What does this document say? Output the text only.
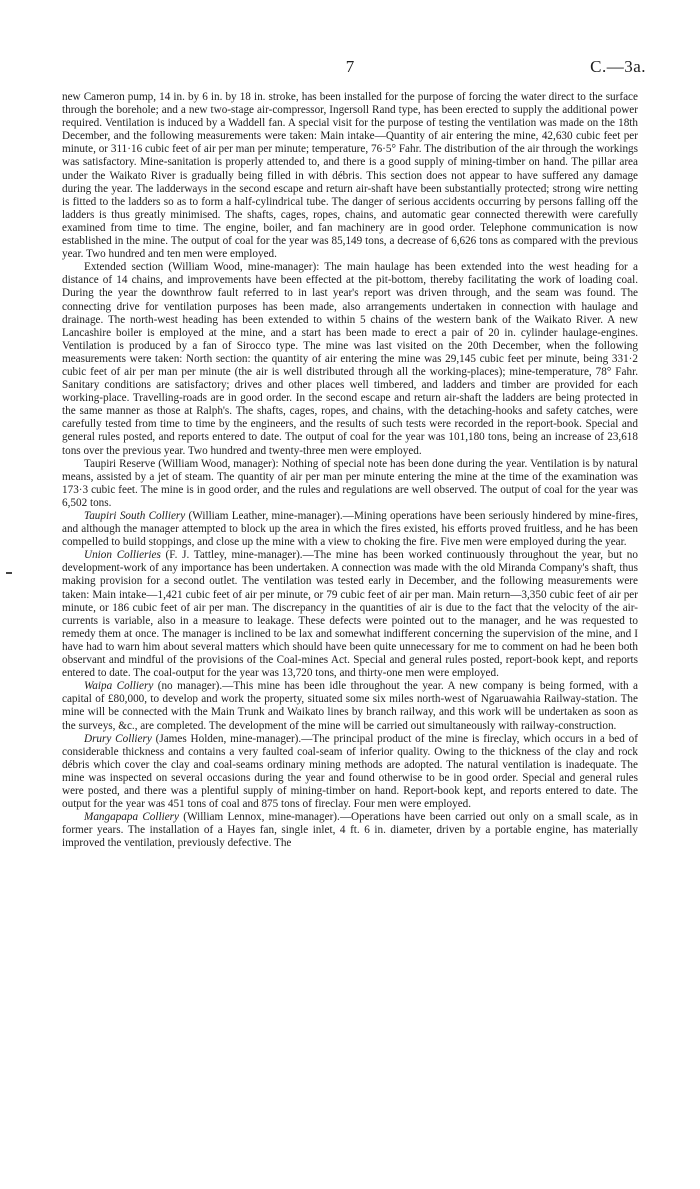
7	C.—3a.

new Cameron pump, 14 in. by 6 in. by 18 in. stroke, has been installed for the purpose of forcing the water direct to the surface through the borehole; and a new two-stage air-compressor, Ingersoll Rand type, has been erected to supply the additional power required. Ventilation is induced by a Waddell fan. A special visit for the purpose of testing the ventilation was made on the 18th December, and the following measurements were taken: Main intake—Quantity of air entering the mine, 42,630 cubic feet per minute, or 311·16 cubic feet of air per man per minute; temperature, 76·5° Fahr. The distribution of the air through the workings was satisfactory. Mine-sanitation is properly attended to, and there is a good supply of mining-timber on hand. The pillar area under the Waikato River is gradually being filled in with débris. This section does not appear to have suffered any damage during the year. The ladderways in the second escape and return air-shaft have been substantially protected; strong wire netting is fitted to the ladders so as to form a half-cylindrical tube. The danger of serious accidents occurring by persons falling off the ladders is thus greatly minimised. The shafts, cages, ropes, chains, and automatic gear connected therewith were carefully examined from time to time. The engine, boiler, and fan machinery are in good order. Telephone communication is now established in the mine. The output of coal for the year was 85,149 tons, a decrease of 6,626 tons as compared with the previous year. Two hundred and ten men were employed.

Extended section (William Wood, mine-manager): The main haulage has been extended into the west heading for a distance of 14 chains, and improvements have been effected at the pit-bottom, thereby facilitating the work of loading coal. During the year the downthrow fault referred to in last year's report was driven through, and the seam was found. The connecting drive for ventilation purposes has been made, also arrangements undertaken in connection with haulage and drainage. The north-west heading has been extended to within 5 chains of the western bank of the Waikato River. A new Lancashire boiler is employed at the mine, and a start has been made to erect a pair of 20 in. cylinder haulage-engines. Ventilation is produced by a fan of Sirocco type. The mine was last visited on the 20th December, when the following measurements were taken: North section: the quantity of air entering the mine was 29,145 cubic feet per minute, being 331·2 cubic feet of air per man per minute (the air is well distributed through all the working-places); mine-temperature, 78° Fahr. Sanitary conditions are satisfactory; drives and other places well timbered, and ladders and timber are provided for each working-place. Travelling-roads are in good order. In the second escape and return air-shaft the ladders are being protected in the same manner as those at Ralph's. The shafts, cages, ropes, and chains, with the detaching-hooks and safety catches, were carefully tested from time to time by the engineers, and the results of such tests were recorded in the report-book. Special and general rules posted, and reports entered to date. The output of coal for the year was 101,180 tons, being an increase of 23,618 tons over the previous year. Two hundred and twenty-three men were employed.

Taupiri Reserve (William Wood, manager): Nothing of special note has been done during the year. Ventilation is by natural means, assisted by a jet of steam. The quantity of air per man per minute entering the mine at the time of the examination was 173·3 cubic feet. The mine is in good order, and the rules and regulations are well observed. The output of coal for the year was 6,502 tons.

Taupiri South Colliery (William Leather, mine-manager).—Mining operations have been seriously hindered by mine-fires, and although the manager attempted to block up the area in which the fires existed, his efforts proved fruitless, and he has been compelled to build stoppings, and close up the mine with a view to choking the fire. Five men were employed during the year.

Union Collieries (F. J. Tattley, mine-manager).—The mine has been worked continuously throughout the year, but no development-work of any importance has been undertaken. A connection was made with the old Miranda Company's shaft, thus making provision for a second outlet. The ventilation was tested early in December, and the following measurements were taken: Main intake—1,421 cubic feet of air per minute, or 79 cubic feet of air per man. Main return—3,350 cubic feet of air per minute, or 186 cubic feet of air per man. The discrepancy in the quantities of air is due to the fact that the velocity of the air-currents is variable, also in a measure to leakage. These defects were pointed out to the manager, and he was requested to remedy them at once. The manager is inclined to be lax and somewhat indifferent concerning the supervision of the mine, and I have had to warn him about several matters which should have been quite unnecessary for me to comment on had he been both observant and mindful of the provisions of the Coal-mines Act. Special and general rules posted, report-book kept, and reports entered to date. The coal-output for the year was 13,720 tons, and thirty-one men were employed.

Waipa Colliery (no manager).—This mine has been idle throughout the year. A new company is being formed, with a capital of £80,000, to develop and work the property, situated some six miles north-west of Ngaruawahia Railway-station. The mine will be connected with the Main Trunk and Waikato lines by branch railway, and this work will be undertaken as soon as the surveys, &c., are completed. The development of the mine will be carried out simultaneously with railway-construction.

Drury Colliery (James Holden, mine-manager).—The principal product of the mine is fireclay, which occurs in a bed of considerable thickness and contains a very faulted coal-seam of inferior quality. Owing to the thickness of the clay and rock débris which cover the clay and coal-seams ordinary mining methods are adopted. The natural ventilation is inadequate. The mine was inspected on several occasions during the year and found otherwise to be in good order. Special and general rules were posted, and there was a plentiful supply of mining-timber on hand. Report-book kept, and reports entered to date. The output for the year was 451 tons of coal and 875 tons of fireclay. Four men were employed.

Mangapapa Colliery (William Lennox, mine-manager).—Operations have been carried out only on a small scale, as in former years. The installation of a Hayes fan, single inlet, 4 ft. 6 in. diameter, driven by a portable engine, has materially improved the ventilation, previously defective. The
